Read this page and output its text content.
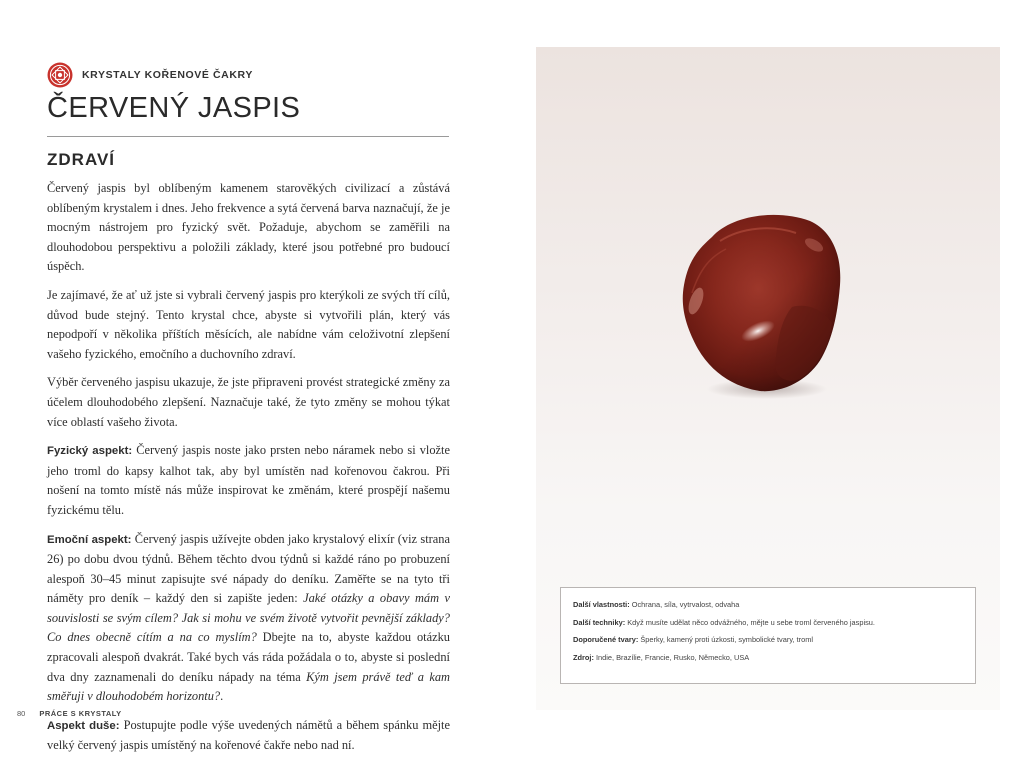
KRYSTALY KOŘENOVÉ ČAKRY
ČERVENÝ JASPIS
ZDRAVÍ

Červený jaspis byl oblíbeným kamenem starověkých civilizací a zůstává oblíbeným krystalem i dnes. Jeho frekvence a sytá červená barva naznačují, že je mocným nástrojem pro fyzický svět. Požaduje, abychom se zaměřili na dlouhodobou perspektivu a položili základy, které jsou potřebné pro budoucí úspěch.

Je zajímavé, že ať už jste si vybrali červený jaspis pro kterýkoli ze svých tří cílů, důvod bude stejný. Tento krystal chce, abyste si vytvořili plán, který vás nepodpoří v několika příštích měsících, ale nabídne vám celoživotní zlepšení vašeho fyzického, emočního a duchovního zdraví.

Výběr červeného jaspisu ukazuje, že jste připraveni provést strategické změny za účelem dlouhodobého zlepšení. Naznačuje také, že tyto změny se mohou týkat více oblastí vašeho života.

Fyzický aspekt: Červený jaspis noste jako prsten nebo náramek nebo si vložte jeho troml do kapsy kalhot tak, aby byl umístěn nad kořenovou čakrou. Při nošení na tomto místě nás může inspirovat ke změnám, které prospějí našemu fyzickému tělu.

Emoční aspekt: Červený jaspis užívejte obden jako krystalový elixír (viz strana 26) po dobu dvou týdnů. Během těchto dvou týdnů si každé ráno po probuzení alespoň 30–45 minut zapisujte své nápady do deníku. Zaměřte se na tyto tři náměty pro deník – každý den si zapište jeden: Jaké otázky a obavy mám v souvislosti se svým cílem? Jak si mohu ve svém životě vytvořit pevnější základy? Co dnes obecně cítím a na co myslím? Dbejte na to, abyste každou otázku zpracovali alespoň dvakrát. Také bych vás ráda požádala o to, abyste si poslední dva dny zaznamenali do deníku nápady na téma Kým jsem právě teď a kam směřuji v dlouhodobém horizontu?.

Aspekt duše: Postupujte podle výše uvedených námětů a během spánku mějte velký červený jaspis umístěný na kořenové čakře nebo nad ní.

80 PRÁCE S KRYSTALY
Další vlastnosti: Ochrana, síla, vytrvalost, odvaha
Další techniky: Když musíte udělat něco odvážného, mějte u sebe troml červeného jaspisu.
Doporučené tvary: Šperky, kamený proti úzkosti, symbolické tvary, troml
Zdroj: Indie, Brazílie, Francie, Rusko, Německo, USA
